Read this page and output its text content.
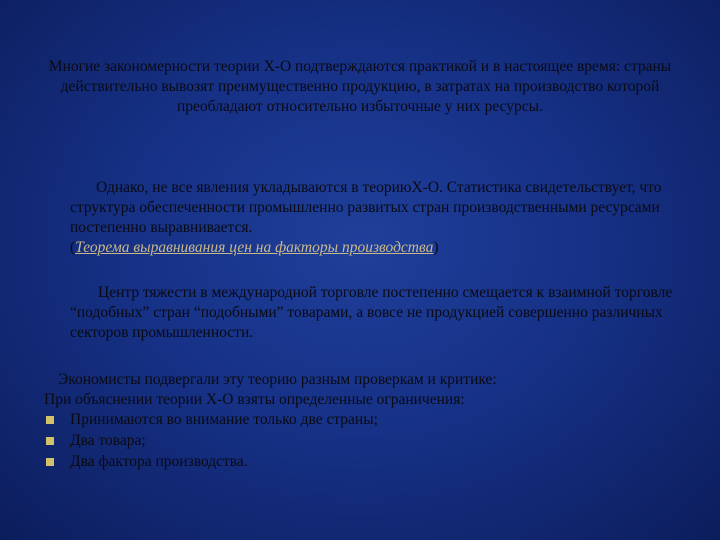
Многие закономерности теории Х-О подтверждаются практикой и в настоящее время: страны действительно вывозят преимущественно продукцию, в затратах на производство которой преобладают относительно избыточные у них ресурсы.

Однако, не все явления укладываются в теориюХ-О. Статистика свидетельствует, что структура обеспеченности промышленно развитых стран производственными ресурсами постепенно выравнивается.
(Теорема выравнивания цен на факторы производства)

Центр тяжести в международной торговле постепенно смещается к взаимной торговле “подобных” стран “подобными” товарами, а вовсе не продукцией совершенно различных секторов промышленности.

Экономисты подвергали эту теорию разным проверкам и критике:
При объяснении теории Х-О взяты определенные ограничения:
Принимаются во внимание только две страны;
Два товара;
Два фактора производства.
